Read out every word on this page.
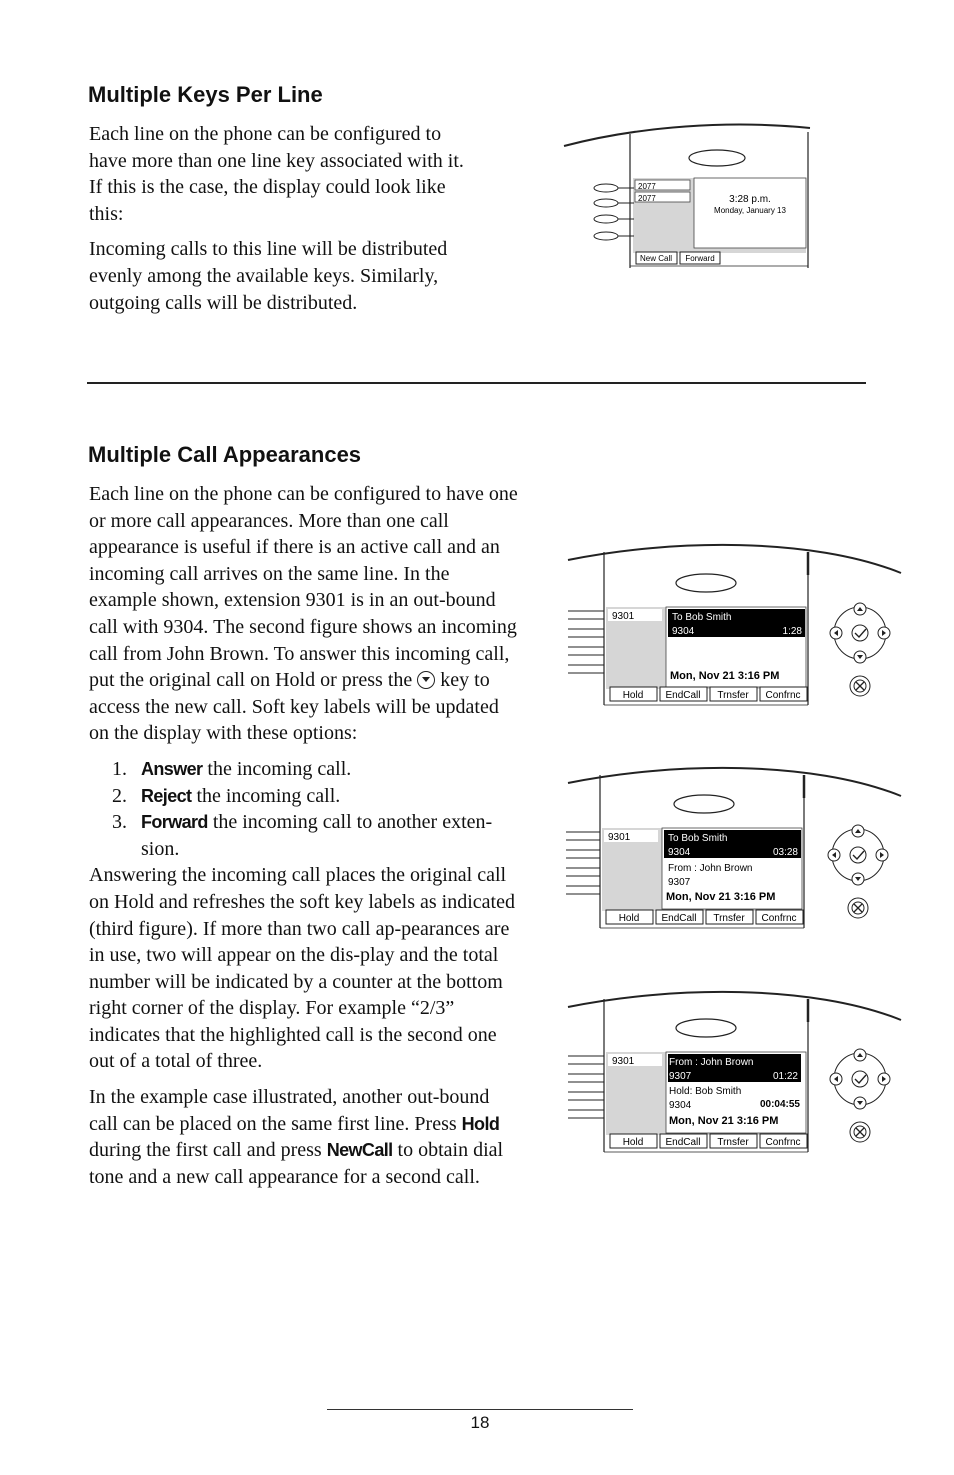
Multiple Keys Per Line

Each line on the phone can be configured to have more than one line key associated with it. If this is the case, the display could look like this:

Incoming calls to this line will be distributed evenly among the available keys. Similarly, outgoing calls will be distributed.

2077
2077	3:28 p.m.
Monday, January 13
New Call Forward
Multiple Call Appearances

Each line on the phone can be configured to have one or more call appearances. More than one call appearance is useful if there is an active call and an incoming call arrives on the same line. In the example shown, extension 9301 is in an out-bound call with 9304. The second figure shows an incoming call from John Brown. To answer this incoming call, put the original call on Hold or press the key to access the new call. Soft key labels will be updated on the display with these options:

1. Answer the incoming call.
2. Reject the incoming call.
3. Forward the incoming call to another exten-sion.

Answering the incoming call places the original call on Hold and refreshes the soft key labels as indicated (third figure). If more than two call ap-pearances are in use, two will appear on the dis-play and the total number will be indicated by a counter at the bottom right corner of the display. For example “2/3” indicates that the highlighted call is the second one out of a total of three.

In the example case illustrated, another out-bound call can be placed on the same first line. Press Hold during the first call and press NewCall to obtain dial tone and a new call appearance for a second call.

9301	To Bob Smith
9304	1:28
Mon, Nov 21 3:16 PM
Hold EndCall Trnsfer Confrnc
9301	To Bob Smith
9304	03:28
From : John Brown
9307
Mon, Nov 21 3:16 PM
Hold EndCall Trnsfer Confrnc
9301	From : John Brown
9307	01:22
Hold: Bob Smith
9304	00:04:55
Mon, Nov 21 3:16 PM
Hold EndCall Trnsfer Confrnc
18
